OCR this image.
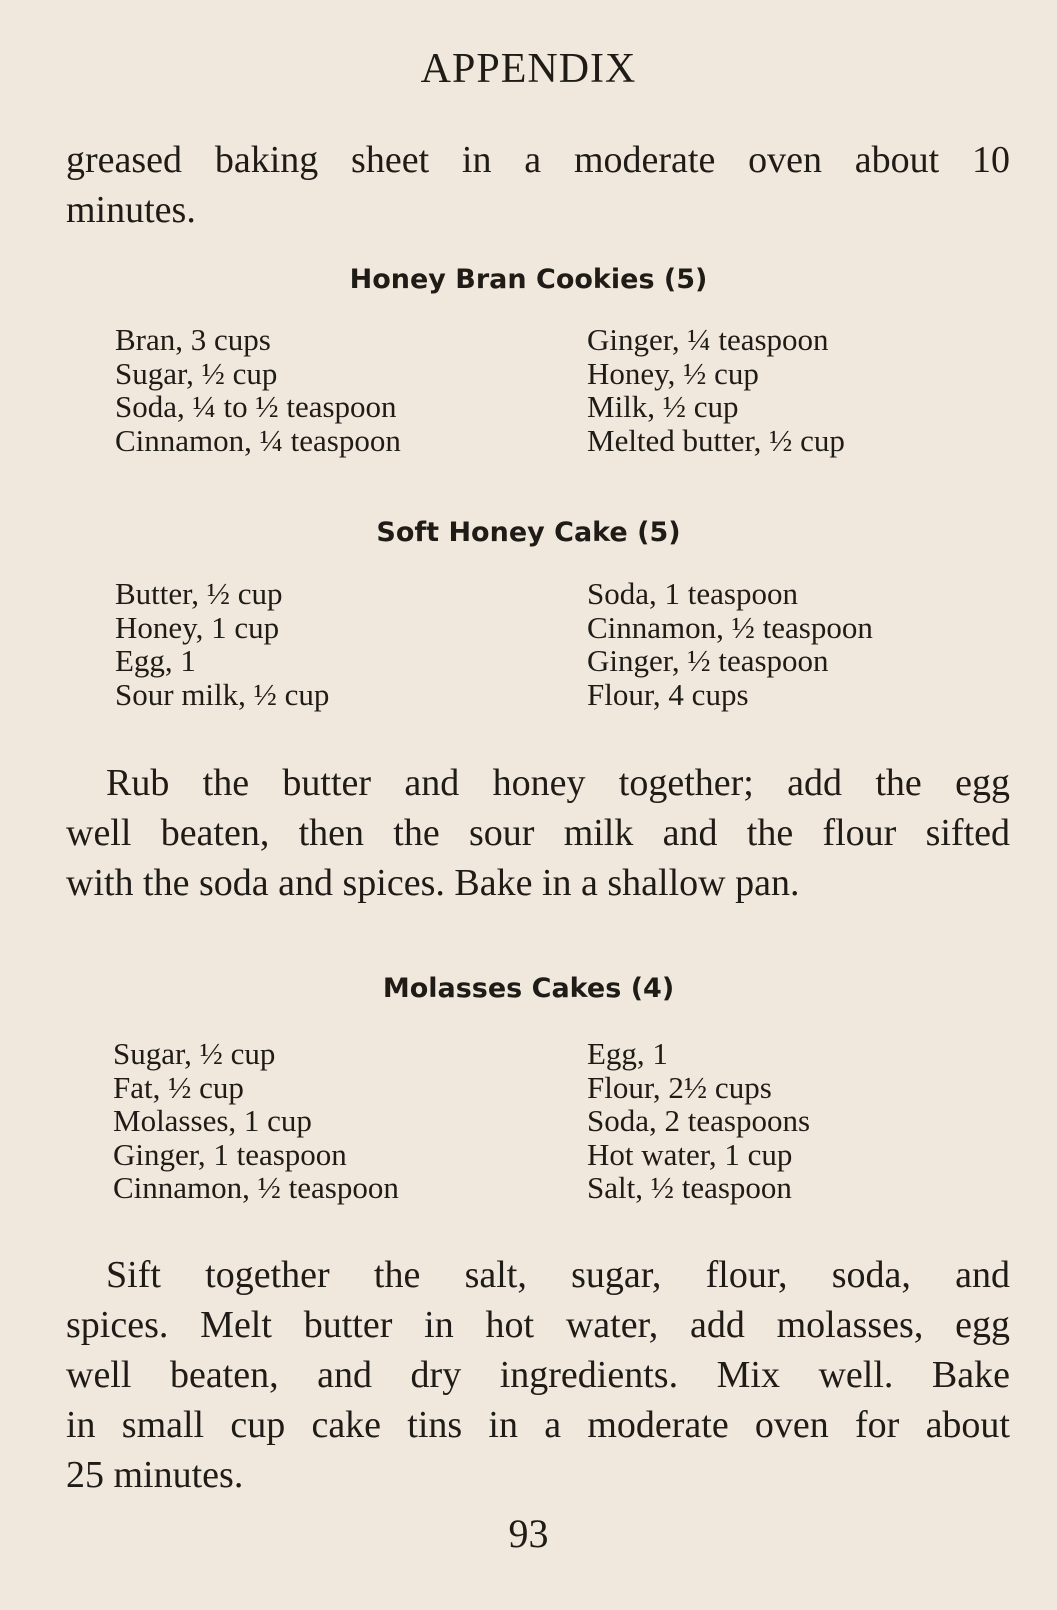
APPENDIX
greased baking sheet in a moderate oven about 10
minutes.
Honey Bran Cookies (5)
Bran, 3 cups
Sugar, ½ cup
Soda, ¼ to ½ teaspoon
Cinnamon, ¼ teaspoon
Ginger, ¼ teaspoon
Honey, ½ cup
Milk, ½ cup
Melted butter, ½ cup
Soft Honey Cake (5)
Butter, ½ cup
Honey, 1 cup
Egg, 1
Sour milk, ½ cup
Soda, 1 teaspoon
Cinnamon, ½ teaspoon
Ginger, ½ teaspoon
Flour, 4 cups
Rub the butter and honey together; add the egg
well beaten, then the sour milk and the flour sifted
with the soda and spices. Bake in a shallow pan.
Molasses Cakes (4)
Sugar, ½ cup
Fat, ½ cup
Molasses, 1 cup
Ginger, 1 teaspoon
Cinnamon, ½ teaspoon
Egg, 1
Flour, 2½ cups
Soda, 2 teaspoons
Hot water, 1 cup
Salt, ½ teaspoon
Sift together the salt, sugar, flour, soda, and
spices. Melt butter in hot water, add molasses, egg
well beaten, and dry ingredients. Mix well. Bake
in small cup cake tins in a moderate oven for about
25 minutes.
93
